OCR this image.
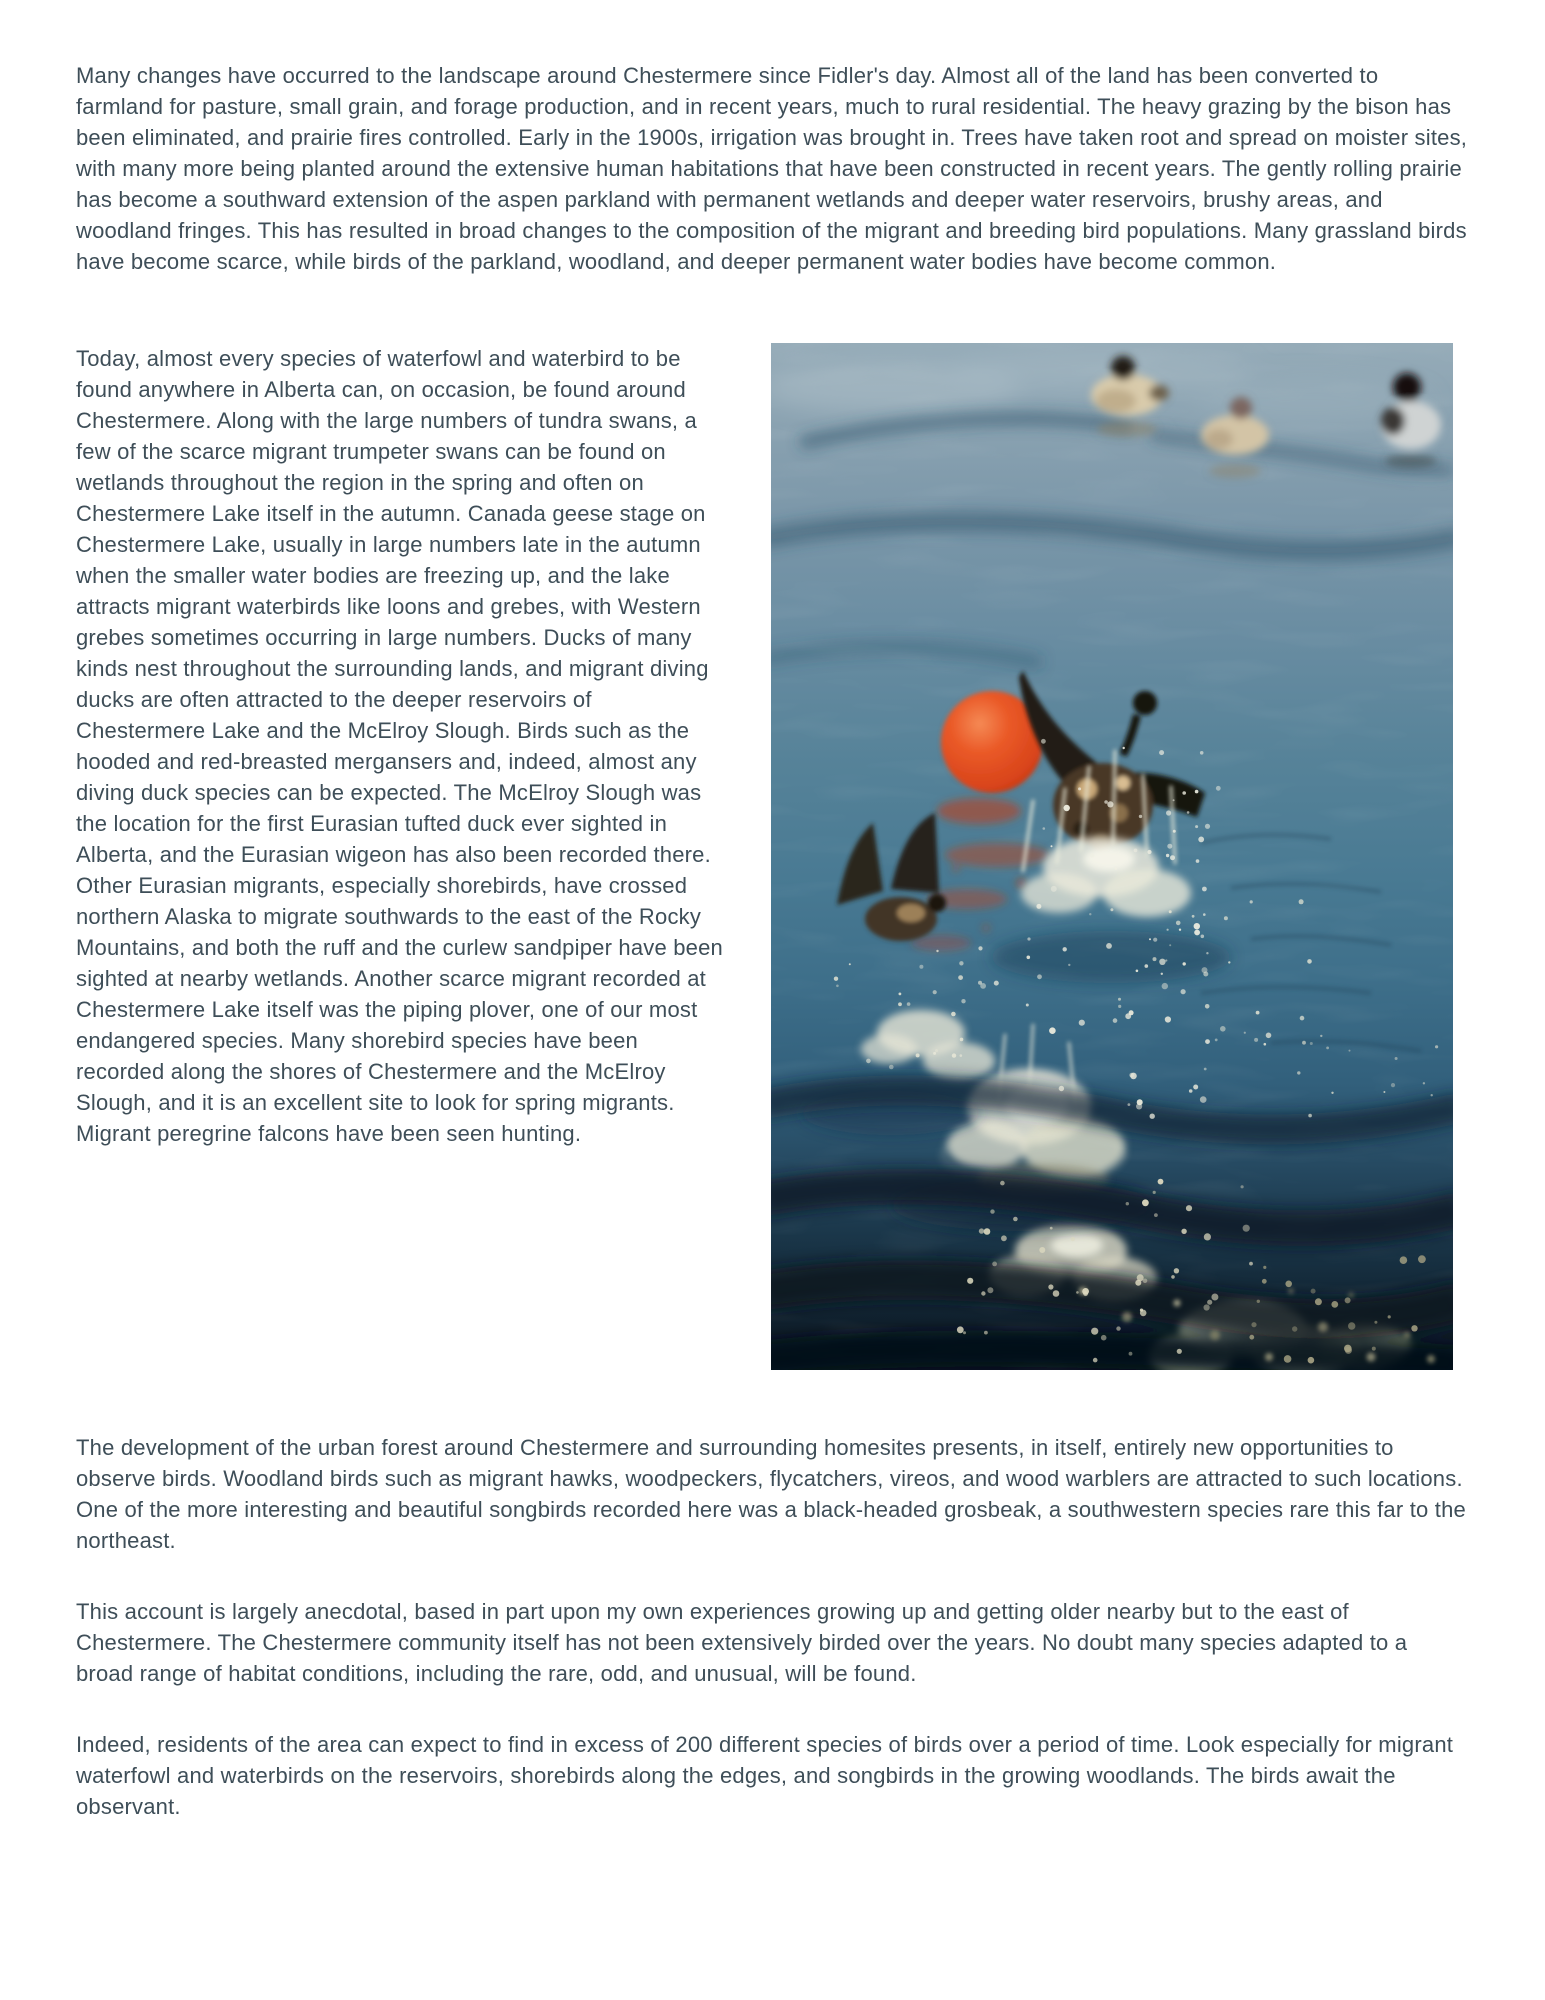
Many changes have occurred to the landscape around Chestermere since Fidler's day. Almost all of the land has been converted to farmland for pasture, small grain, and forage production, and in recent years, much to rural residential. The heavy grazing by the bison has been eliminated, and prairie fires controlled. Early in the 1900s, irrigation was brought in. Trees have taken root and spread on moister sites, with many more being planted around the extensive human habitations that have been constructed in recent years. The gently rolling prairie has become a southward extension of the aspen parkland with permanent wetlands and deeper water reservoirs, brushy areas, and woodland fringes. This has resulted in broad changes to the composition of the migrant and breeding bird populations. Many grassland birds have become scarce, while birds of the parkland, woodland, and deeper permanent water bodies have become common.

Today, almost every species of waterfowl and waterbird to be found anywhere in Alberta can, on occasion, be found around Chestermere. Along with the large numbers of tundra swans, a few of the scarce migrant trumpeter swans can be found on wetlands throughout the region in the spring and often on Chestermere Lake itself in the autumn. Canada geese stage on Chestermere Lake, usually in large numbers late in the autumn when the smaller water bodies are freezing up, and the lake attracts migrant waterbirds like loons and grebes, with Western grebes sometimes occurring in large numbers. Ducks of many kinds nest throughout the surrounding lands, and migrant diving ducks are often attracted to the deeper reservoirs of Chestermere Lake and the McElroy Slough. Birds such as the hooded and red-breasted mergansers and, indeed, almost any diving duck species can be expected. The McElroy Slough was the location for the first Eurasian tufted duck ever sighted in Alberta, and the Eurasian wigeon has also been recorded there. Other Eurasian migrants, especially shorebirds, have crossed northern Alaska to migrate southwards to the east of the Rocky Mountains, and both the ruff and the curlew sandpiper have been sighted at nearby wetlands. Another scarce migrant recorded at Chestermere Lake itself was the piping plover, one of our most endangered species. Many shorebird species have been recorded along the shores of Chestermere and the McElroy Slough, and it is an excellent site to look for spring migrants. Migrant peregrine falcons have been seen hunting.

The development of the urban forest around Chestermere and surrounding homesites presents, in itself, entirely new opportunities to observe birds. Woodland birds such as migrant hawks, woodpeckers, flycatchers, vireos, and wood warblers are attracted to such locations. One of the more interesting and beautiful songbirds recorded here was a black-headed grosbeak, a southwestern species rare this far to the northeast.

This account is largely anecdotal, based in part upon my own experiences growing up and getting older nearby but to the east of Chestermere. The Chestermere community itself has not been extensively birded over the years. No doubt many species adapted to a broad range of habitat conditions, including the rare, odd, and unusual, will be found.

Indeed, residents of the area can expect to find in excess of 200 different species of birds over a period of time. Look especially for migrant waterfowl and waterbirds on the reservoirs, shorebirds along the edges, and songbirds in the growing woodlands. The birds await the observant.
